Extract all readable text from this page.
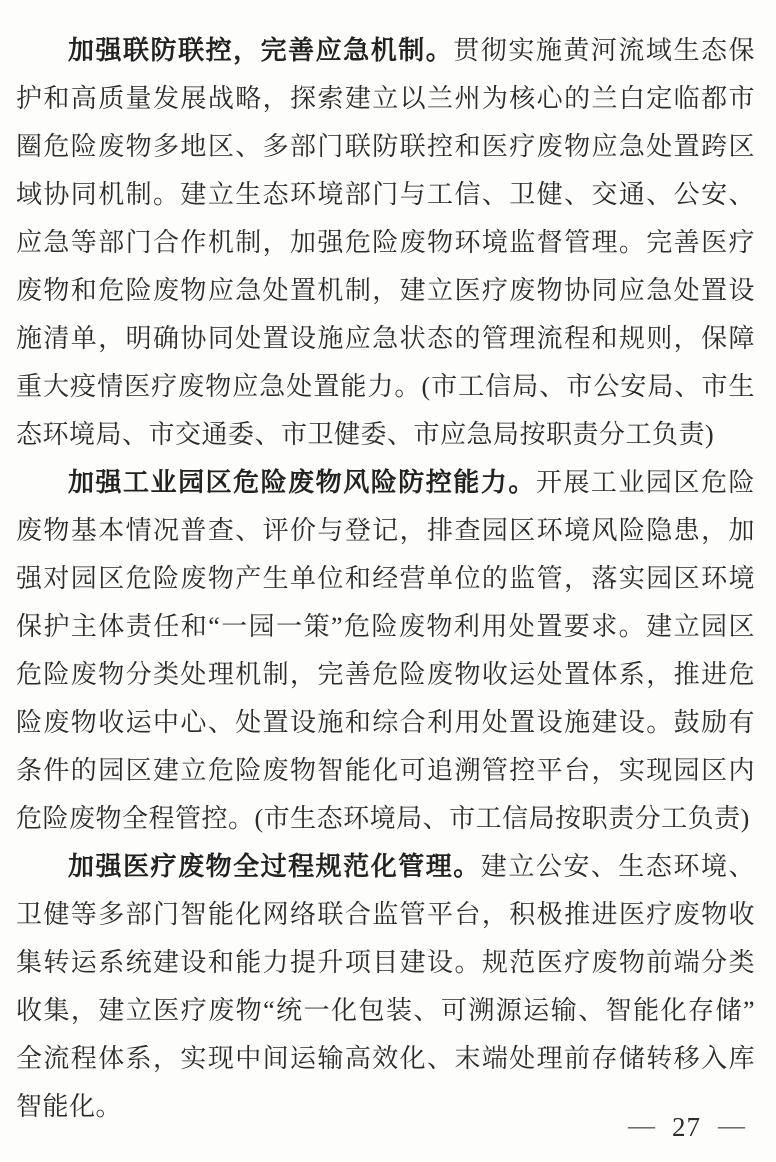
加强联防联控，完善应急机制。贯彻实施黄河流域生态保护和高质量发展战略，探索建立以兰州为核心的兰白定临都市圈危险废物多地区、多部门联防联控和医疗废物应急处置跨区域协同机制。建立生态环境部门与工信、卫健、交通、公安、应急等部门合作机制，加强危险废物环境监督管理。完善医疗废物和危险废物应急处置机制，建立医疗废物协同应急处置设施清单，明确协同处置设施应急状态的管理流程和规则，保障重大疫情医疗废物应急处置能力。(市工信局、市公安局、市生态环境局、市交通委、市卫健委、市应急局按职责分工负责)

加强工业园区危险废物风险防控能力。开展工业园区危险废物基本情况普查、评价与登记，排查园区环境风险隐患，加强对园区危险废物产生单位和经营单位的监管，落实园区环境保护主体责任和“一园一策”危险废物利用处置要求。建立园区危险废物分类处理机制，完善危险废物收运处置体系，推进危险废物收运中心、处置设施和综合利用处置设施建设。鼓励有条件的园区建立危险废物智能化可追溯管控平台，实现园区内危险废物全程管控。(市生态环境局、市工信局按职责分工负责)

加强医疗废物全过程规范化管理。建立公安、生态环境、卫健等多部门智能化网络联合监管平台，积极推进医疗废物收集转运系统建设和能力提升项目建设。规范医疗废物前端分类收集，建立医疗废物“统一化包装、可溯源运输、智能化存储”全流程体系，实现中间运输高效化、末端处理前存储转移入库智能化。

— 27 —
